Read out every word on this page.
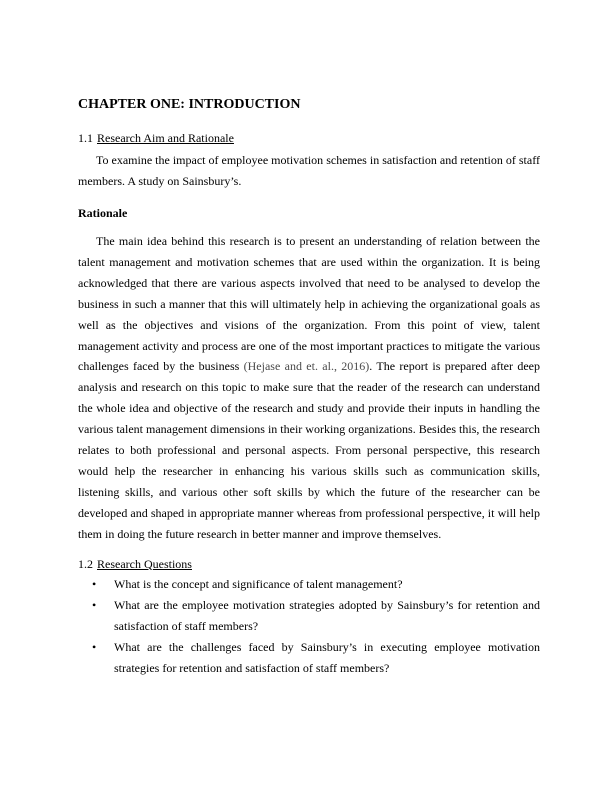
CHAPTER ONE: INTRODUCTION
1.1 Research Aim and Rationale

To examine the impact of employee motivation schemes in satisfaction and retention of staff members. A study on Sainsbury’s.

Rationale

The main idea behind this research is to present an understanding of relation between the talent management and motivation schemes that are used within the organization. It is being acknowledged that there are various aspects involved that need to be analysed to develop the business in such a manner that this will ultimately help in achieving the organizational goals as well as the objectives and visions of the organization. From this point of view, talent management activity and process are one of the most important practices to mitigate the various challenges faced by the business (Hejase and et. al., 2016). The report is prepared after deep analysis and research on this topic to make sure that the reader of the research can understand the whole idea and objective of the research and study and provide their inputs in handling the various talent management dimensions in their working organizations. Besides this, the research relates to both professional and personal aspects. From personal perspective, this research would help the researcher in enhancing his various skills such as communication skills, listening skills, and various other soft skills by which the future of the researcher can be developed and shaped in appropriate manner whereas from professional perspective, it will help them in doing the future research in better manner and improve themselves.

1.2 Research Questions
• What is the concept and significance of talent management?
• What are the employee motivation strategies adopted by Sainsbury’s for retention and satisfaction of staff members?
• What are the challenges faced by Sainsbury’s in executing employee motivation strategies for retention and satisfaction of staff members?
